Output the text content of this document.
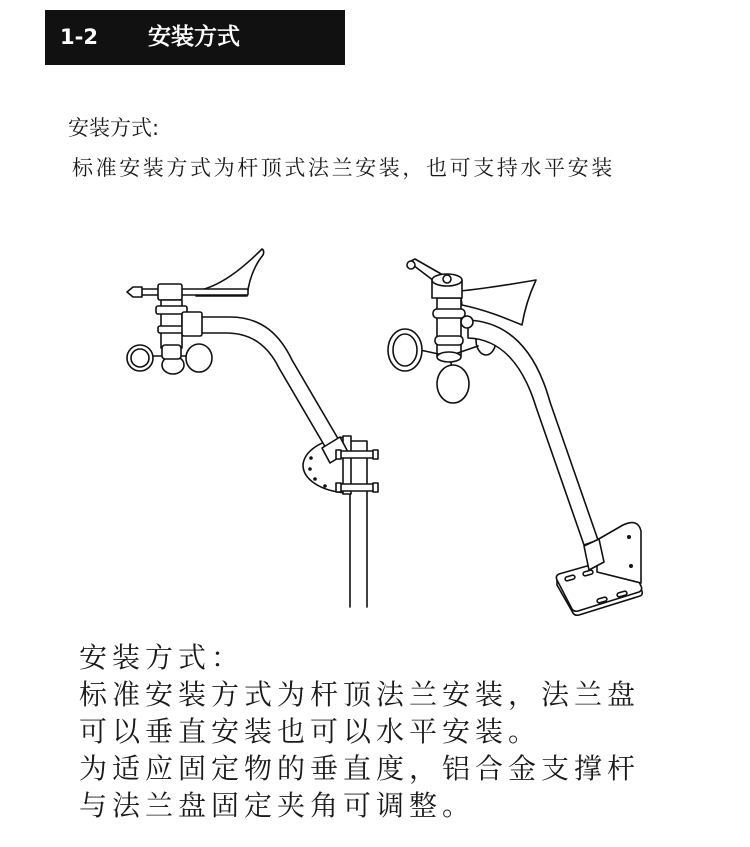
1-2 安装方式
安装方式:
标准安装方式为杆顶式法兰安装，也可支持水平安装
安装方式：
标准安装方式为杆顶法兰安装，法兰盘
可以垂直安装也可以水平安装。
为适应固定物的垂直度，铝合金支撑杆
与法兰盘固定夹角可调整。
